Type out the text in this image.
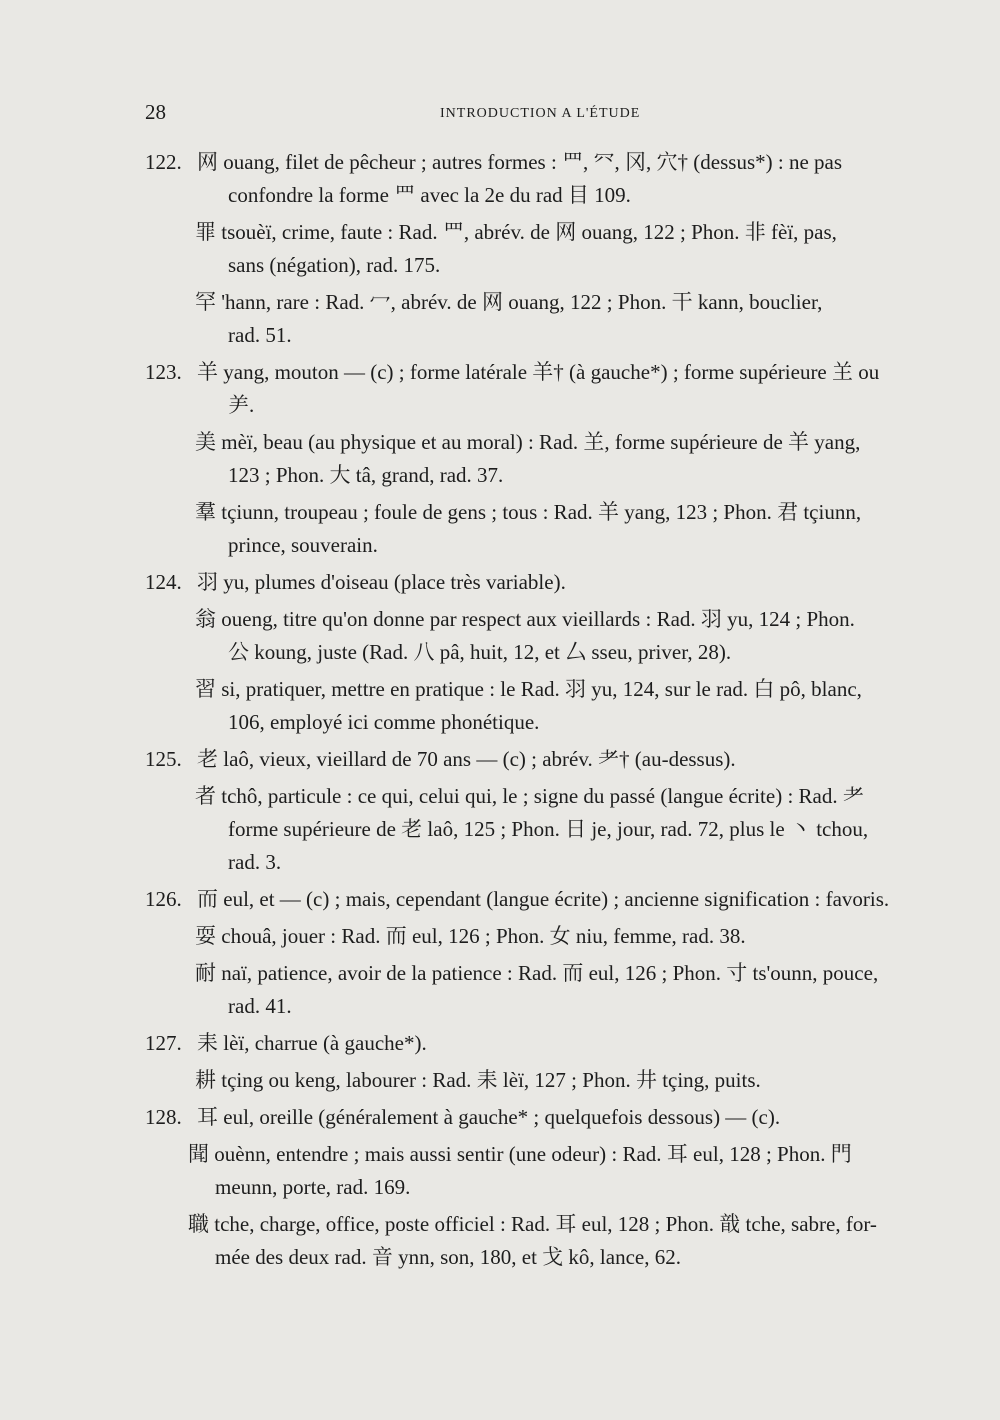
28	INTRODUCTION A L'ÉTUDE
122. 网 ouang, filet de pêcheur ; autres formes : 罒, 㓁, 冈, 穴† (dessus*) : ne pas
confondre la forme 罒 avec la 2e du rad 目 109.
罪 tsouèï, crime, faute : Rad. 罒, abrév. de 网 ouang, 122 ; Phon. 非 fèï, pas,
sans (négation), rad. 175.
罕 'hann, rare : Rad. 冖, abrév. de 网 ouang, 122 ; Phon. 干 kann, bouclier,
rad. 51.
123. 羊 yang, mouton — (c) ; forme latérale 羊† (à gauche*) ; forme supérieure 𦍌 ou
⺶.
美 mèï, beau (au physique et au moral) : Rad. 𦍌, forme supérieure de 羊 yang,
123 ; Phon. 大 tâ, grand, rad. 37.
羣 tçiunn, troupeau ; foule de gens ; tous : Rad. 羊 yang, 123 ; Phon. 君 tçiunn,
prince, souverain.
124. 羽 yu, plumes d'oiseau (place très variable).
翁 oueng, titre qu'on donne par respect aux vieillards : Rad. 羽 yu, 124 ; Phon.
公 koung, juste (Rad. 八 pâ, huit, 12, et 厶 sseu, priver, 28).
習 si, pratiquer, mettre en pratique : le Rad. 羽 yu, 124, sur le rad. 白 pô, blanc,
106, employé ici comme phonétique.
125. 老 laô, vieux, vieillard de 70 ans — (c) ; abrév. 耂† (au-dessus).
者 tchô, particule : ce qui, celui qui, le ; signe du passé (langue écrite) : Rad. 耂
forme supérieure de 老 laô, 125 ; Phon. 日 je, jour, rad. 72, plus le 丶 tchou,
rad. 3.
126. 而 eul, et — (c) ; mais, cependant (langue écrite) ; ancienne signification : favoris.
耍 chouâ, jouer : Rad. 而 eul, 126 ; Phon. 女 niu, femme, rad. 38.
耐 naï, patience, avoir de la patience : Rad. 而 eul, 126 ; Phon. 寸 ts'ounn, pouce,
rad. 41.
127. 耒 lèï, charrue (à gauche*).
耕 tçing ou keng, labourer : Rad. 耒 lèï, 127 ; Phon. 井 tçing, puits.
128. 耳 eul, oreille (généralement à gauche* ; quelquefois dessous) — (c).
聞 ouènn, entendre ; mais aussi sentir (une odeur) : Rad. 耳 eul, 128 ; Phon. 門
meunn, porte, rad. 169.
職 tche, charge, office, poste officiel : Rad. 耳 eul, 128 ; Phon. 戠 tche, sabre, for-
mée des deux rad. 音 ynn, son, 180, et 戈 kô, lance, 62.
